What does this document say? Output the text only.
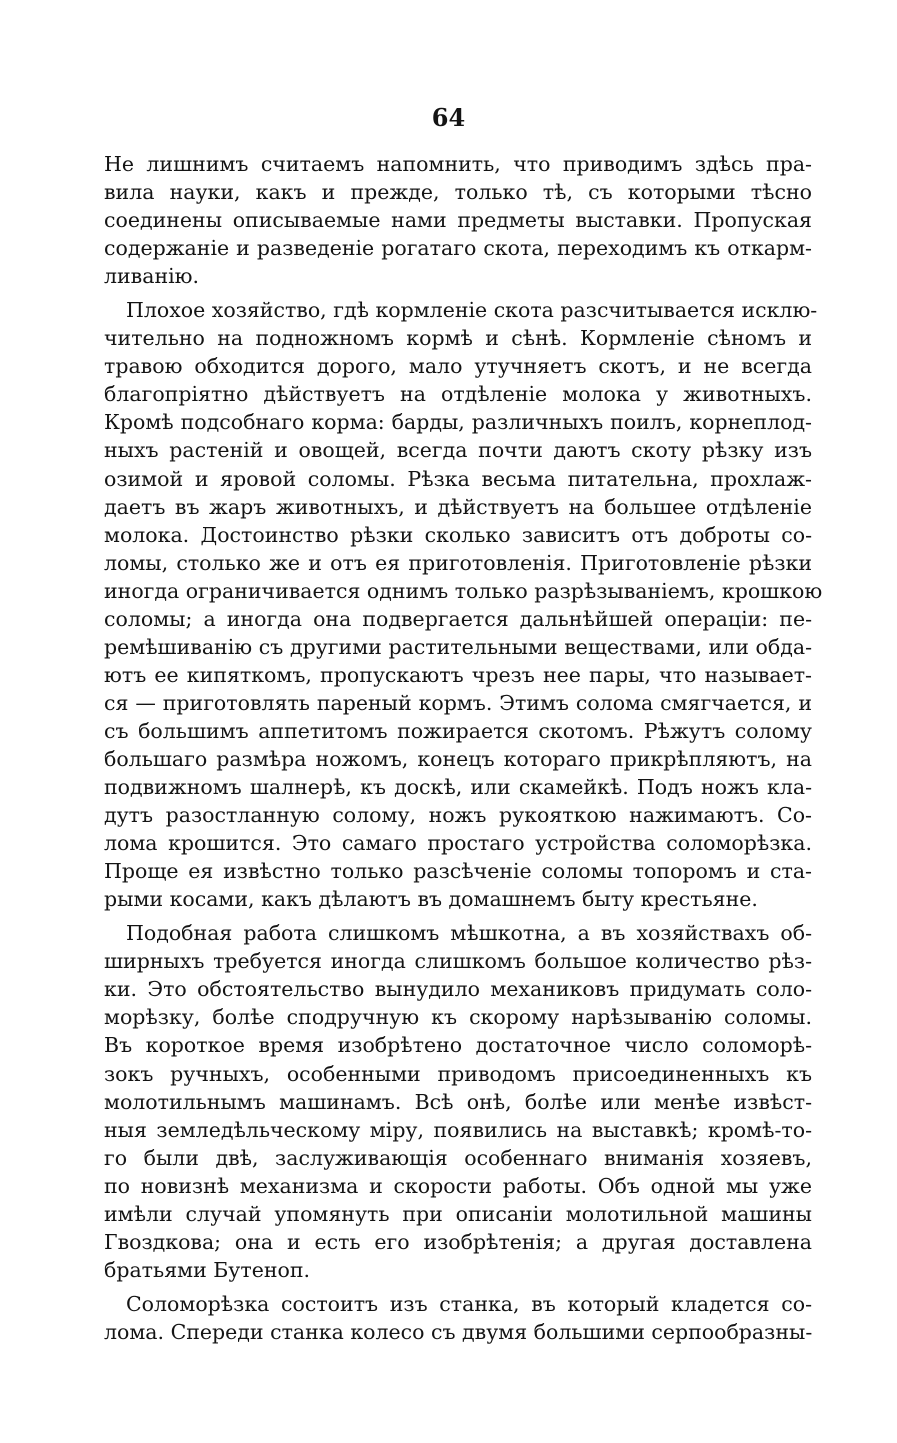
64
Не лишнимъ считаемъ напомнить, что приводимъ здѣсь пра-
вила науки, какъ и прежде, только тѣ, съ которыми тѣсно
соединены описываемые нами предметы выставки. Пропуская
содержаніе и разведеніе рогатаго скота, переходимъ къ откарм-
ливанію.
Плохое хозяйство, гдѣ кормленіе скота разсчитывается исклю-
чительно на подножномъ кормѣ и сѣнѣ. Кормленіе сѣномъ и
травою обходится дорого, мало утучняетъ скотъ, и не всегда
благопріятно дѣйствуетъ на отдѣленіе молока у животныхъ.
Кромѣ подсобнаго корма: барды, различныхъ поилъ, корнеплод-
ныхъ растеній и овощей, всегда почти даютъ скоту рѣзку изъ
озимой и яровой соломы. Рѣзка весьма питательна, прохлаж-
даетъ въ жаръ животныхъ, и дѣйствуетъ на большее отдѣленіе
молока. Достоинство рѣзки сколько зависитъ отъ доброты со-
ломы, столько же и отъ ея приготовленія. Приготовленіе рѣзки
иногда ограничивается однимъ только разрѣзываніемъ, крошкою
соломы; а иногда она подвергается дальнѣйшей операціи: пе-
ремѣшиванію съ другими растительными веществами, или обда-
ютъ ее кипяткомъ, пропускаютъ чрезъ нее пары, что называет-
ся — приготовлять пареный кормъ. Этимъ солома смягчается, и
съ большимъ аппетитомъ пожирается скотомъ. Рѣжутъ солому
большаго размѣра ножомъ, конецъ котораго прикрѣпляютъ, на
подвижномъ шалнерѣ, къ доскѣ, или скамейкѣ. Подъ ножъ кла-
дутъ разостланную солому, ножъ рукояткою нажимаютъ. Со-
лома крошится. Это самаго простаго устройства соломорѣзка.
Проще ея извѣстно только разсѣченіе соломы топоромъ и ста-
рыми косами, какъ дѣлаютъ въ домашнемъ быту крестьяне.
Подобная работа слишкомъ мѣшкотна, а въ хозяйствахъ об-
ширныхъ требуется иногда слишкомъ большое количество рѣз-
ки. Это обстоятельство вынудило механиковъ придумать соло-
морѣзку, болѣе сподручную къ скорому нарѣзыванію соломы.
Въ короткое время изобрѣтено достаточное число соломорѣ-
зокъ ручныхъ, особенными приводомъ присоединенныхъ къ
молотильнымъ машинамъ. Всѣ онѣ, болѣе или менѣе извѣст-
ныя земледѣльческому міру, появились на выставкѣ; кромѣ-то-
го были двѣ, заслуживающія особеннаго вниманія хозяевъ,
по новизнѣ механизма и скорости работы. Объ одной мы уже
имѣли случай упомянуть при описаніи молотильной машины
Гвоздкова; она и есть его изобрѣтенія; а другая доставлена
братьями Бутеноп.
Соломорѣзка состоитъ изъ станка, въ который кладется со-
лома. Спереди станка колесо съ двумя большими серпообразны-
